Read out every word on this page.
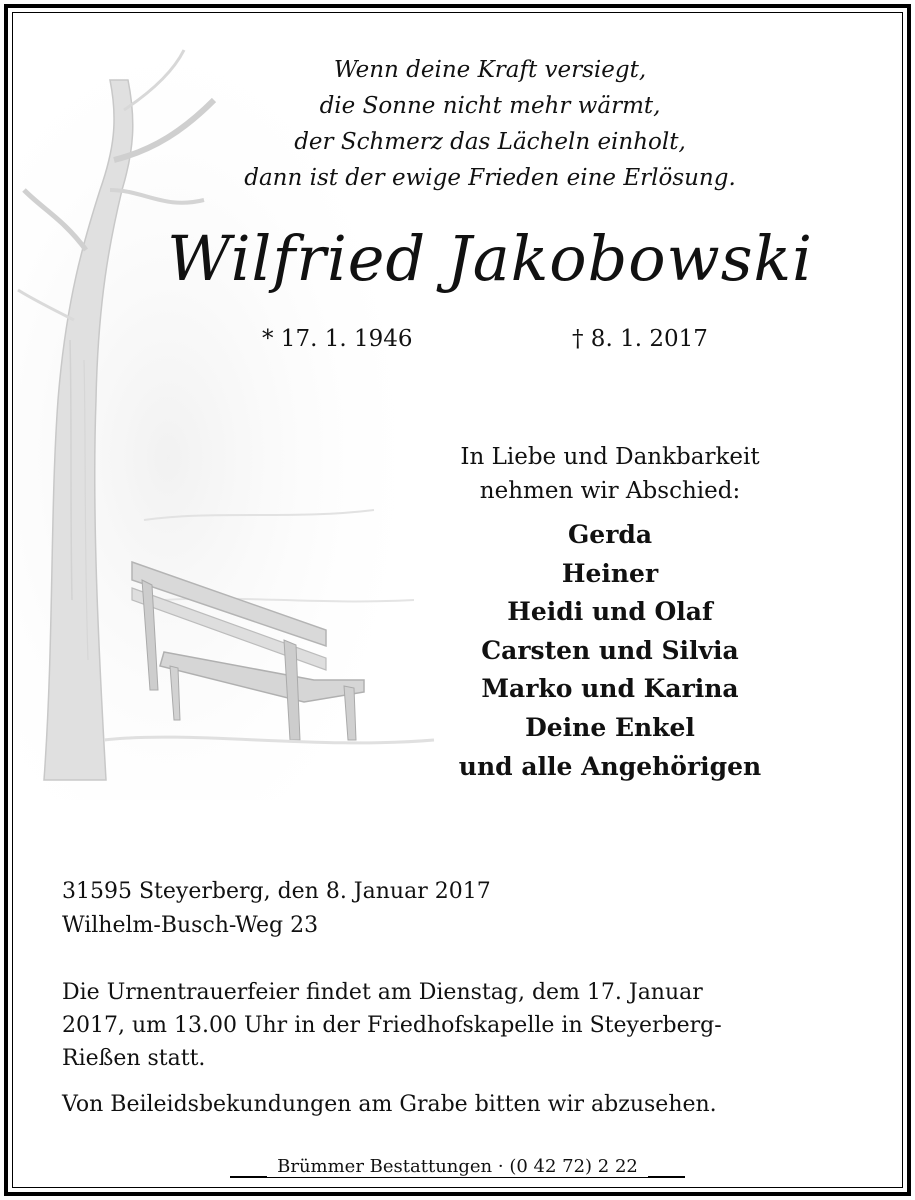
Wenn deine Kraft versiegt,
die Sonne nicht mehr wärmt,
der Schmerz das Lächeln einholt,
dann ist der ewige Frieden eine Erlösung.
Wilfried Jakobowski
* 17. 1. 1946	† 8. 1. 2017
In Liebe und Dankbarkeit
nehmen wir Abschied:
Gerda
Heiner
Heidi und Olaf
Carsten und Silvia
Marko und Karina
Deine Enkel
und alle Angehörigen
31595 Steyerberg, den 8. Januar 2017
Wilhelm-Busch-Weg 23
Die Urnentrauerfeier findet am Dienstag, dem 17. Januar
2017, um 13.00 Uhr in der Friedhofskapelle in Steyerberg-
Rießen statt.
Von Beileidsbekundungen am Grabe bitten wir abzusehen.
Brümmer Bestattungen · (0 42 72) 2 22
